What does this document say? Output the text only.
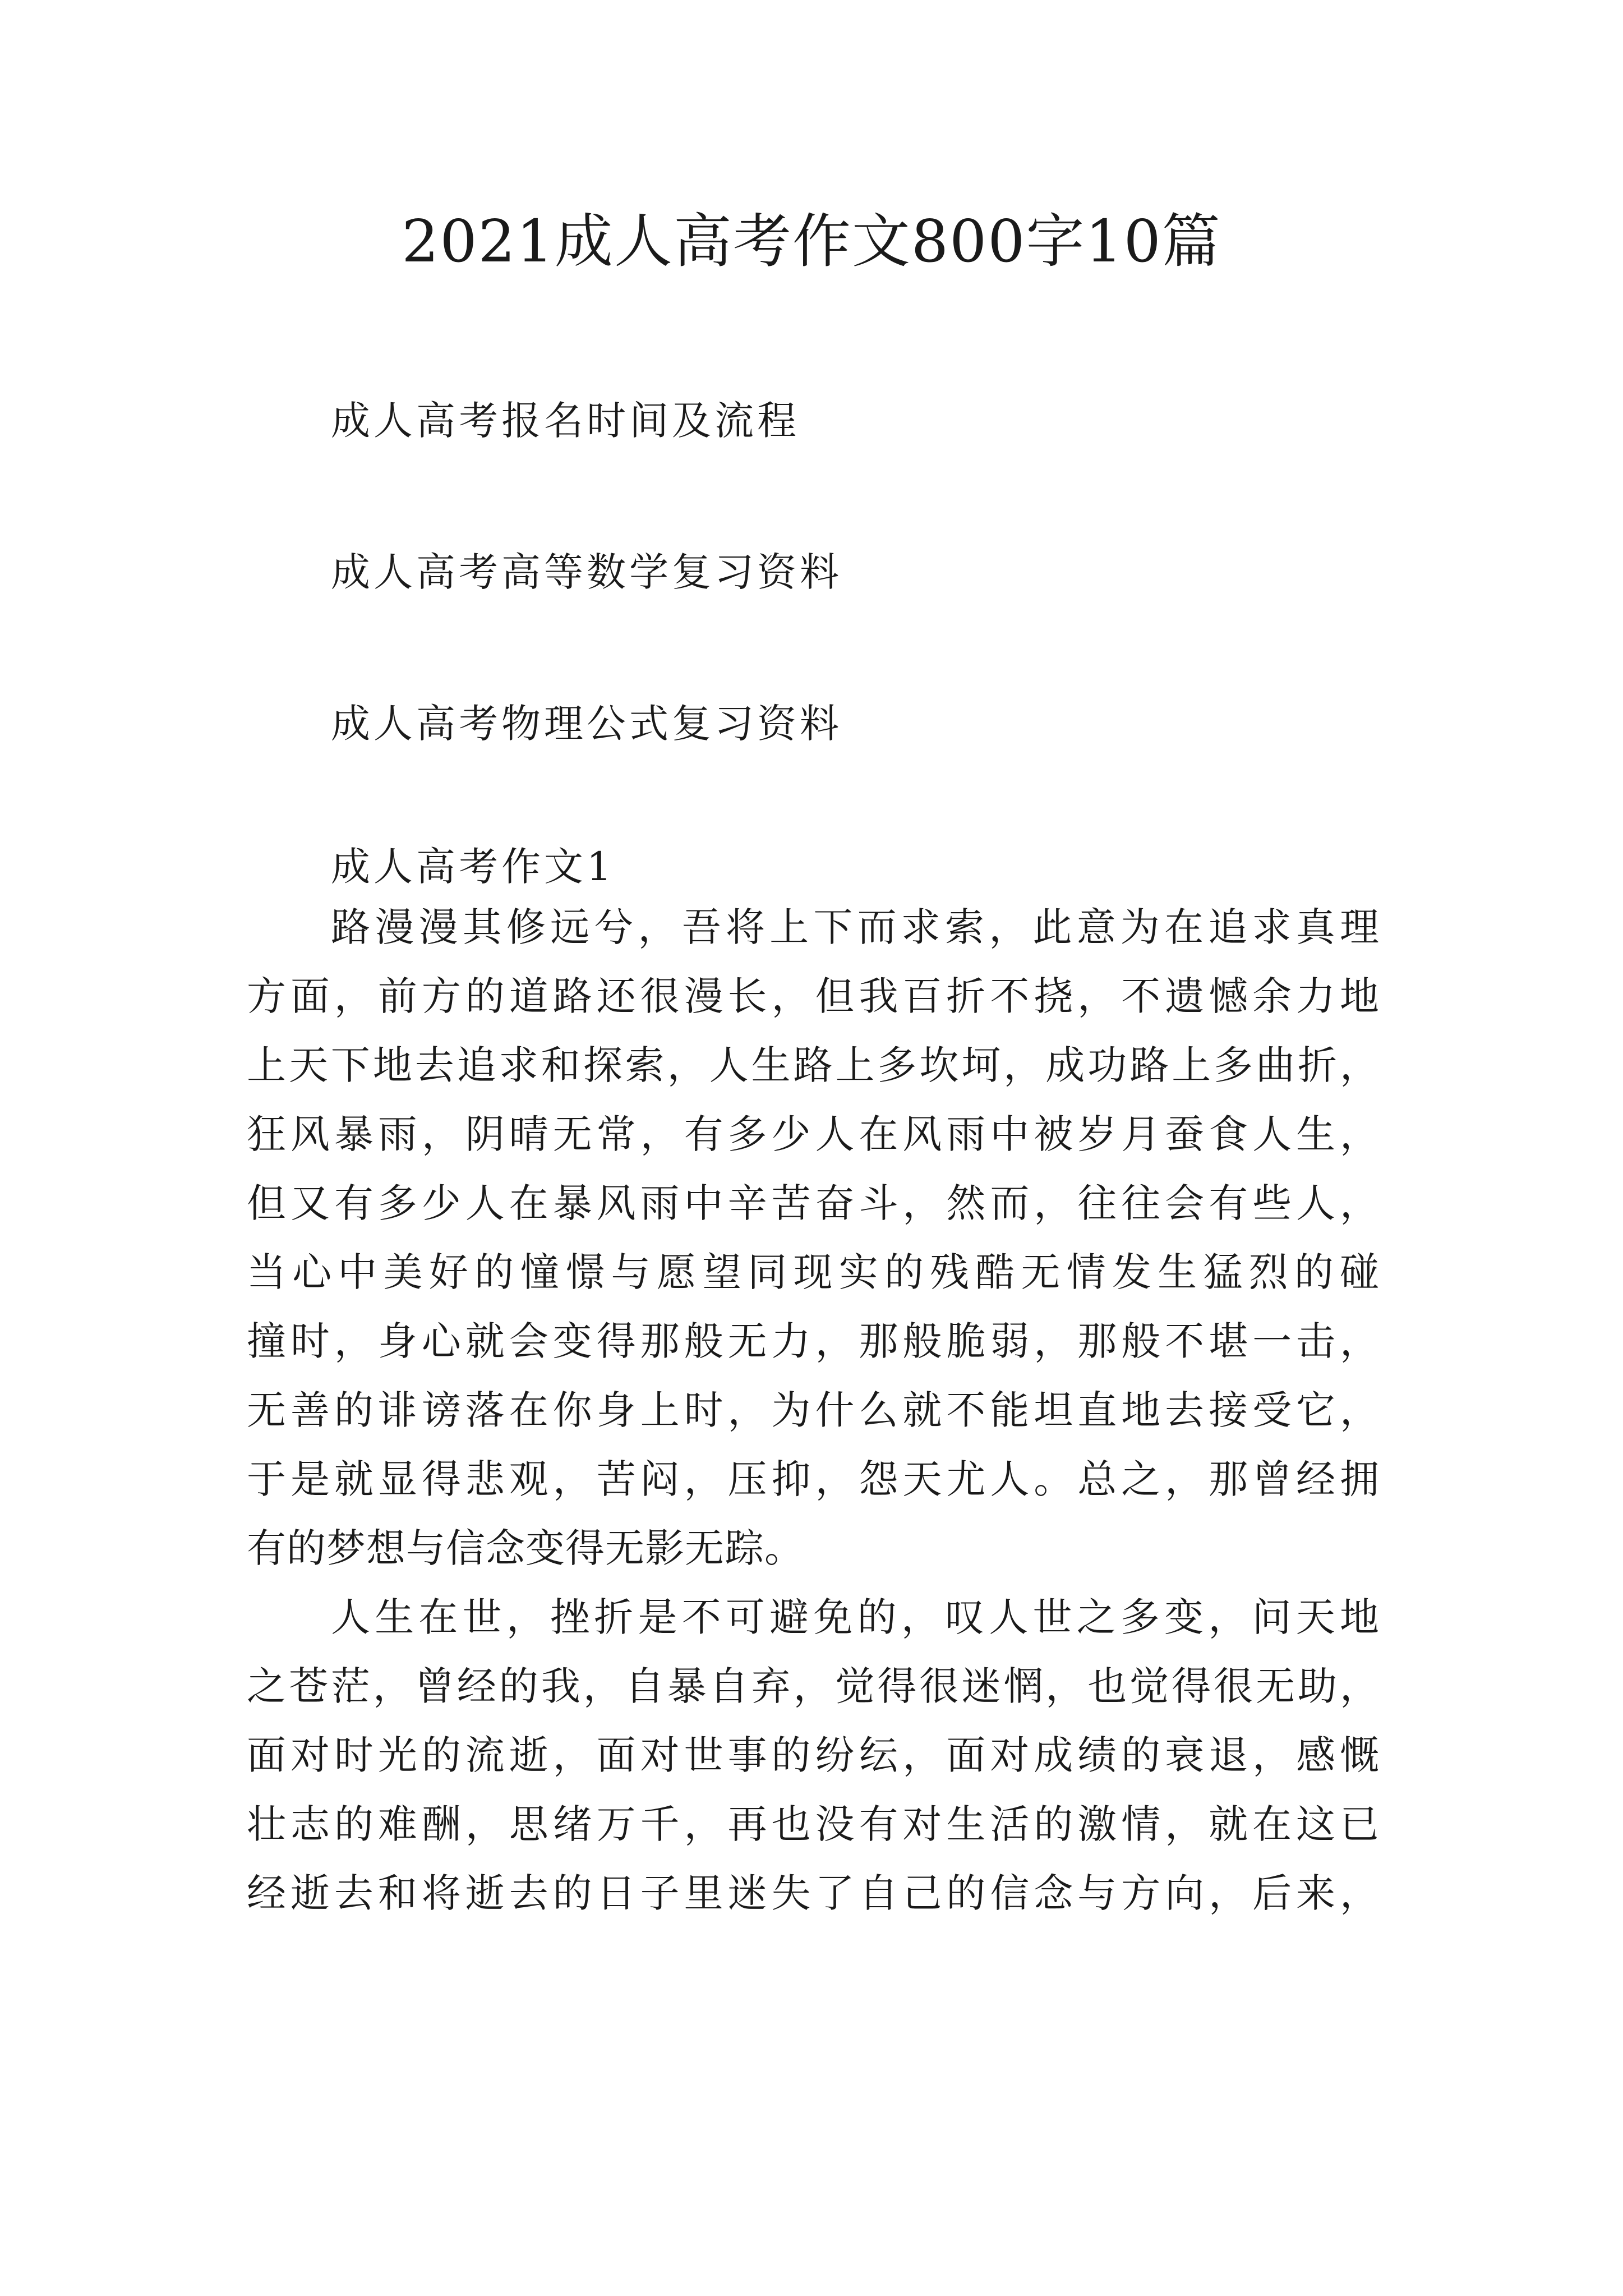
2021成人高考作文800字10篇
成人高考报名时间及流程
成人高考高等数学复习资料
成人高考物理公式复习资料
成人高考作文1

路漫漫其修远兮，吾将上下而求索，此意为在追求真理
方面，前方的道路还很漫长，但我百折不挠，不遗憾余力地
上天下地去追求和探索，人生路上多坎坷，成功路上多曲折，
狂风暴雨，阴晴无常，有多少人在风雨中被岁月蚕食人生，
但又有多少人在暴风雨中辛苦奋斗，然而，往往会有些人，
当心中美好的憧憬与愿望同现实的残酷无情发生猛烈的碰
撞时，身心就会变得那般无力，那般脆弱，那般不堪一击，
无善的诽谤落在你身上时，为什么就不能坦直地去接受它，
于是就显得悲观，苦闷，压抑，怨天尤人。总之，那曾经拥
有的梦想与信念变得无影无踪。

人生在世，挫折是不可避免的，叹人世之多变，问天地
之苍茫，曾经的我，自暴自弃，觉得很迷惘，也觉得很无助，
面对时光的流逝，面对世事的纷纭，面对成绩的衰退，感慨
壮志的难酬，思绪万千，再也没有对生活的激情，就在这已
经逝去和将逝去的日子里迷失了自己的信念与方向，后来，
